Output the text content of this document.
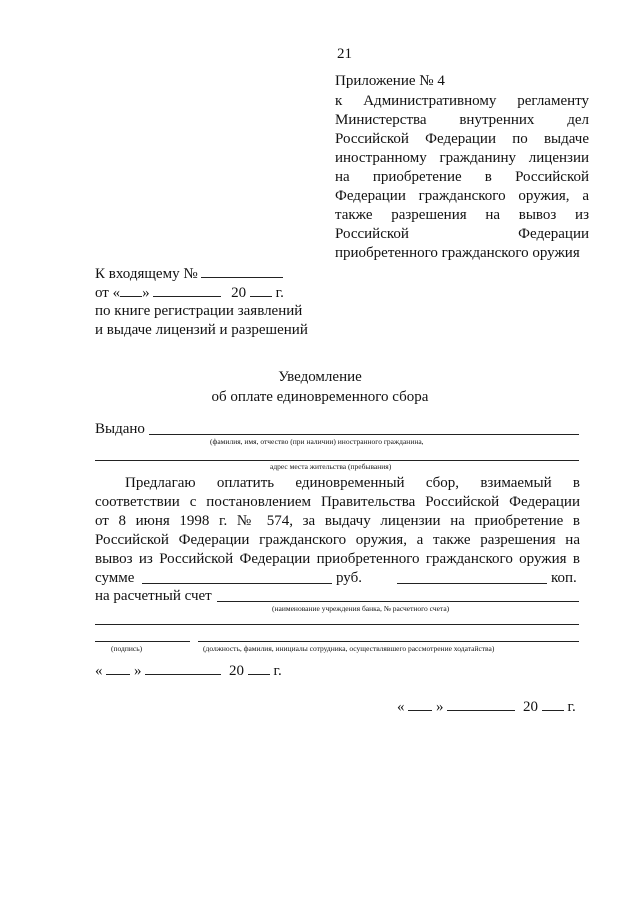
21
Приложение № 4
к Административному регламенту
Министерства внутренних дел
Российской Федерации по выдаче
иностранному гражданину лицензии
на приобретение в Российской
Федерации гражданского оружия, а
также разрешения на вывоз из
Российской Федерации
приобретенного гражданского оружия
К входящему №
от « »	20 г.
по книге регистрации заявлений
и выдаче лицензий и разрешений
Уведомление
об оплате единовременного сбора
Выдано
(фамилия, имя, отчество (при наличии) иностранного гражданина,
адрес места жительства (пребывания)
Предлагаю оплатить единовременный сбор, взимаемый в
соответствии с постановлением Правительства Российской Федерации
от 8 июня 1998 г. № 574, за выдачу лицензии на приобретение в
Российской Федерации гражданского оружия, а также разрешения на
вывоз из Российской Федерации приобретенного гражданского оружия в
сумме	руб.	коп.
на расчетный счет
(наименование учреждения банка, № расчетного счета)
(подпись)	(должность, фамилия, инициалы сотрудника, осуществлявшего рассмотрение ходатайства)
« »	20 г.
« »	20 г.
